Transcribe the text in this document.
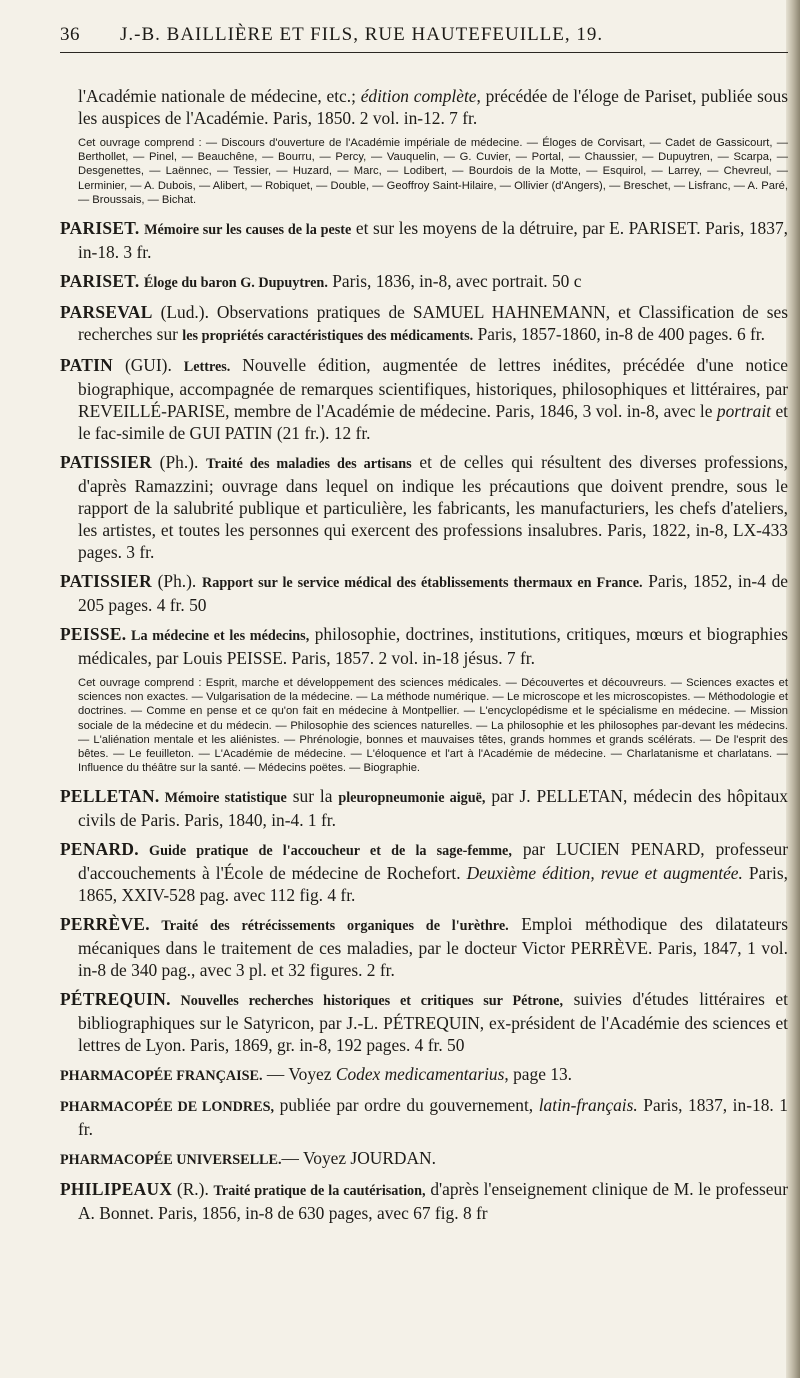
36	J.-B. BAILLIÈRE ET FILS, RUE HAUTEFEUILLE, 19.

l'Académie nationale de médecine, etc.; édition complète, précédée de l'éloge de Pariset, publiée sous les auspices de l'Académie. Paris, 1850. 2 vol. in-12. 7 fr.

Cet ouvrage comprend : — Discours d'ouverture de l'Académie impériale de médecine. — Éloges de Corvisart, — Cadet de Gassicourt, — Berthollet, — Pinel, — Beauchêne, — Bourru, — Percy, — Vauquelin, — G. Cuvier, — Portal, — Chaussier, — Dupuytren, — Scarpa, — Desgenettes, — Laënnec, — Tessier, — Huzard, — Marc, — Lodibert, — Bourdois de la Motte, — Esquirol, — Larrey, — Chevreul, — Lerminier, — A. Dubois, — Alibert, — Robiquet, — Double, — Geoffroy Saint-Hilaire, — Ollivier (d'Angers), — Breschet, — Lisfranc, — A. Paré, — Broussais, — Bichat.

PARISET. Mémoire sur les causes de la peste et sur les moyens de la détruire, par E. PARISET. Paris, 1837, in-18. 3 fr.

PARISET. Éloge du baron G. Dupuytren. Paris, 1836, in-8, avec portrait. 50 c

PARSEVAL (Lud.). Observations pratiques de SAMUEL HAHNEMANN, et Classification de ses recherches sur les propriétés caractéristiques des médicaments. Paris, 1857-1860, in-8 de 400 pages. 6 fr.

PATIN (GUI). Lettres. Nouvelle édition, augmentée de lettres inédites, précédée d'une notice biographique, accompagnée de remarques scientifiques, historiques, philosophiques et littéraires, par REVEILLÉ-PARISE, membre de l'Académie de médecine. Paris, 1846, 3 vol. in-8, avec le portrait et le fac-simile de GUI PATIN (21 fr.). 12 fr.

PATISSIER (Ph.). Traité des maladies des artisans et de celles qui résultent des diverses professions, d'après Ramazzini; ouvrage dans lequel on indique les précautions que doivent prendre, sous le rapport de la salubrité publique et particulière, les fabricants, les manufacturiers, les chefs d'ateliers, les artistes, et toutes les personnes qui exercent des professions insalubres. Paris, 1822, in-8, LX-433 pages. 3 fr.

PATISSIER (Ph.). Rapport sur le service médical des établissements thermaux en France. Paris, 1852, in-4 de 205 pages. 4 fr. 50

PEISSE. La médecine et les médecins, philosophie, doctrines, institutions, critiques, mœurs et biographies médicales, par Louis PEISSE. Paris, 1857. 2 vol. in-18 jésus. 7 fr.

Cet ouvrage comprend : Esprit, marche et développement des sciences médicales. — Découvertes et découvreurs. — Sciences exactes et sciences non exactes. — Vulgarisation de la médecine. — La méthode numérique. — Le microscope et les microscopistes. — Méthodologie et doctrines. — Comme en pense et ce qu'on fait en médecine à Montpellier. — L'encyclopédisme et le spécialisme en médecine. — Mission sociale de la médecine et du médecin. — Philosophie des sciences naturelles. — La philosophie et les philosophes par-devant les médecins. — L'aliénation mentale et les aliénistes. — Phrénologie, bonnes et mauvaises têtes, grands hommes et grands scélérats. — De l'esprit des bêtes. — Le feuilleton. — L'Académie de médecine. — L'éloquence et l'art à l'Académie de médecine. — Charlatanisme et charlatans. — Influence du théâtre sur la santé. — Médecins poëtes. — Biographie.

PELLETAN. Mémoire statistique sur la pleuropneumonie aiguë, par J. PELLETAN, médecin des hôpitaux civils de Paris. Paris, 1840, in-4. 1 fr.

PENARD. Guide pratique de l'accoucheur et de la sage-femme, par LUCIEN PENARD, professeur d'accouchements à l'École de médecine de Rochefort. Deuxième édition, revue et augmentée. Paris, 1865, XXIV-528 pag. avec 112 fig. 4 fr.

PERRÈVE. Traité des rétrécissements organiques de l'urèthre. Emploi méthodique des dilatateurs mécaniques dans le traitement de ces maladies, par le docteur Victor PERRÈVE. Paris, 1847, 1 vol. in-8 de 340 pag., avec 3 pl. et 32 figures. 2 fr.

PÉTREQUIN. Nouvelles recherches historiques et critiques sur Pétrone, suivies d'études littéraires et bibliographiques sur le Satyricon, par J.-L. PÉTREQUIN, ex-président de l'Académie des sciences et lettres de Lyon. Paris, 1869, gr. in-8, 192 pages. 4 fr. 50

PHARMACOPÉE FRANÇAISE. — Voyez Codex medicamentarius, page 13.

PHARMACOPÉE DE LONDRES, publiée par ordre du gouvernement, latin-français. Paris, 1837, in-18. 1 fr.

PHARMACOPÉE UNIVERSELLE.— Voyez JOURDAN.

PHILIPEAUX (R.). Traité pratique de la cautérisation, d'après l'enseignement clinique de M. le professeur A. Bonnet. Paris, 1856, in-8 de 630 pages, avec 67 fig. 8 fr
